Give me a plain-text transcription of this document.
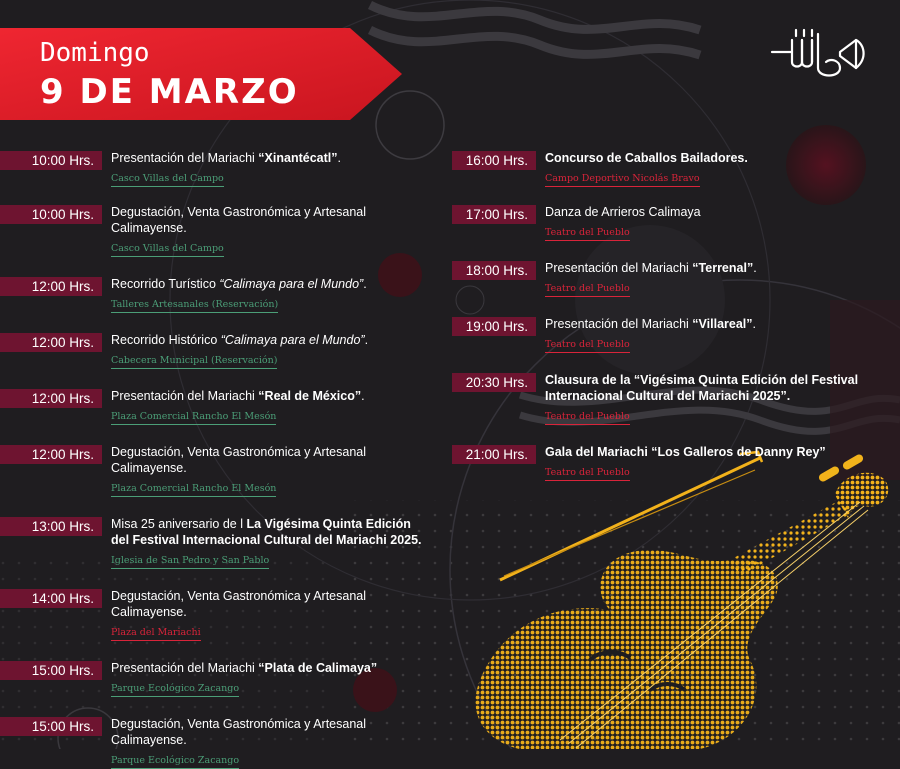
Domingo
9 DE MARZO
10:00 Hrs.	Presentación del Mariachi “Xinantécatl”.
Casco Villas del Campo
10:00 Hrs.	Degustación, Venta Gastronómica y Artesanal Calimayense.
Casco Villas del Campo
12:00 Hrs.	Recorrido Turístico “Calimaya para el Mundo”.
Talleres Artesanales (Reservación)
12:00 Hrs.	Recorrido Histórico “Calimaya para el Mundo”.
Cabecera Municipal (Reservación)
12:00 Hrs.	Presentación del Mariachi “Real de México”.
Plaza Comercial Rancho El Mesón
12:00 Hrs.	Degustación, Venta Gastronómica y Artesanal Calimayense.
Plaza Comercial Rancho El Mesón
13:00 Hrs.	Misa 25 aniversario de l La Vigésima Quinta Edición del Festival Internacional Cultural del Mariachi 2025.
Iglesia de San Pedro y San Pablo
14:00 Hrs.	Degustación, Venta Gastronómica y Artesanal Calimayense.
Plaza del Mariachi
15:00 Hrs.	Presentación del Mariachi “Plata de Calimaya”
Parque Ecológico Zacango
15:00 Hrs.	Degustación, Venta Gastronómica y Artesanal Calimayense.
Parque Ecológico Zacango
16:00 Hrs.	Concurso de Caballos Bailadores.
Campo Deportivo Nicolás Bravo
17:00 Hrs.	Danza de Arrieros Calimaya
Teatro del Pueblo
18:00 Hrs.	Presentación del Mariachi “Terrenal”.
Teatro del Pueblo
19:00 Hrs.	Presentación del Mariachi “Villareal”.
Teatro del Pueblo
20:30 Hrs.	Clausura de la “Vigésima Quinta Edición del Festival Internacional Cultural del Mariachi 2025”.
Teatro del Pueblo
21:00 Hrs.	Gala del Mariachi “Los Galleros de Danny Rey”
Teatro del Pueblo
